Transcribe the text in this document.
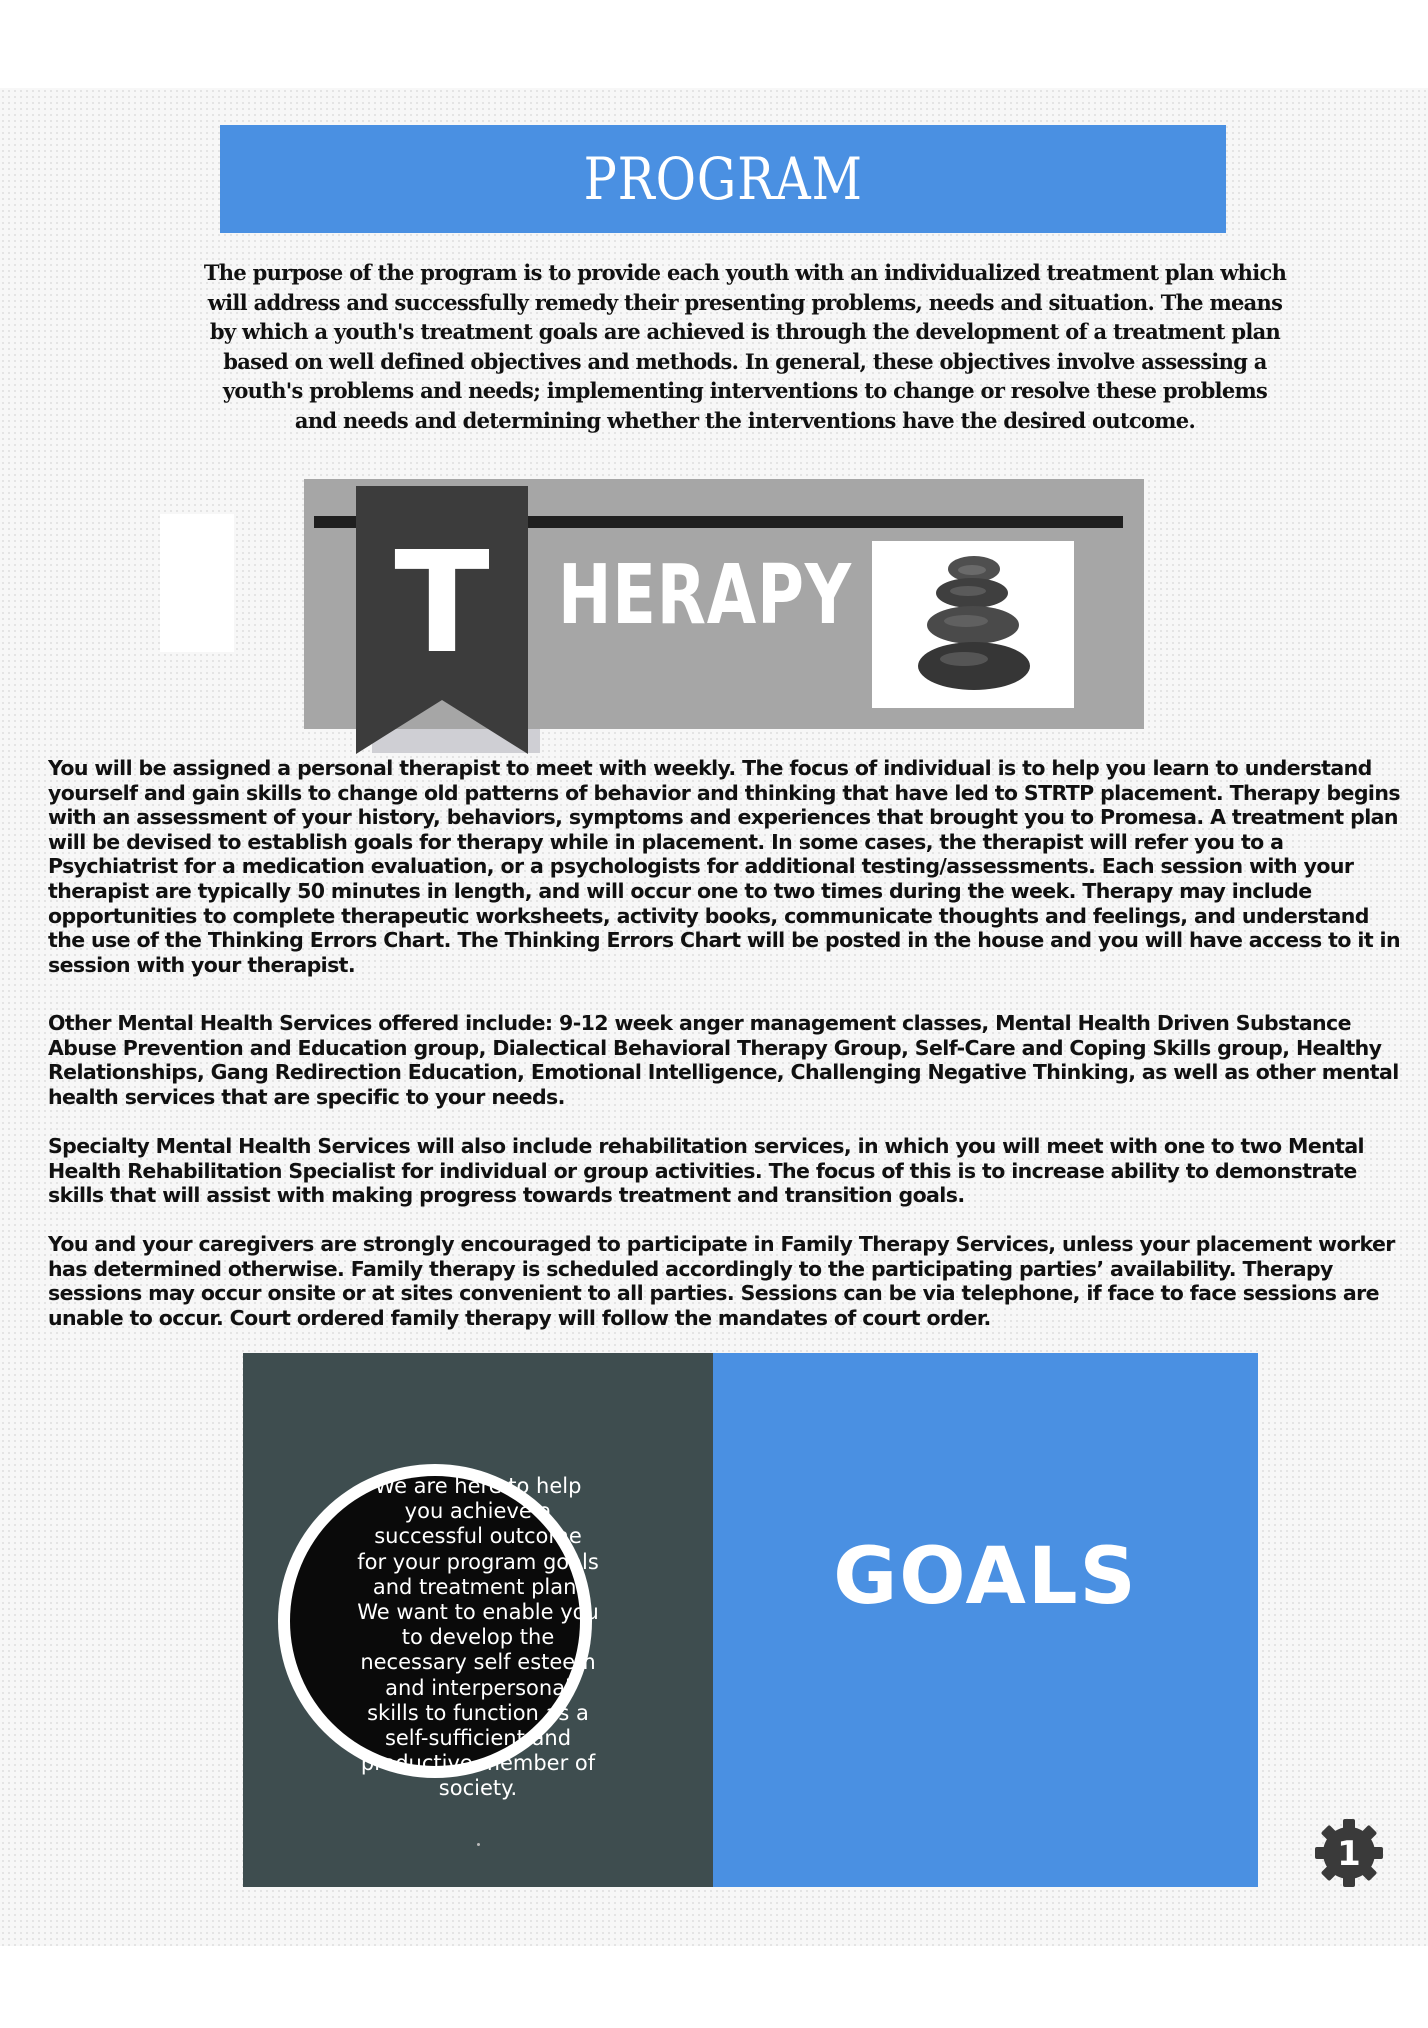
PROGRAM
The purpose of the program is to provide each youth with an individualized treatment plan which will address and successfully remedy their presenting problems, needs and situation. The means by which a youth's treatment goals are achieved is through the development of a treatment plan based on well defined objectives and methods. In general, these objectives involve assessing a youth's problems and needs; implementing interventions to change or resolve these problems and needs and determining whether the interventions have the desired outcome.
T HERAPY
You will be assigned a personal therapist to meet with weekly. The focus of individual is to help you learn to understand yourself and gain skills to change old patterns of behavior and thinking that have led to STRTP placement. Therapy begins with an assessment of your history, behaviors, symptoms and experiences that brought you to Promesa. A treatment plan will be devised to establish goals for therapy while in placement. In some cases, the therapist will refer you to a Psychiatrist for a medication evaluation, or a psychologists for additional testing/assessments. Each session with your therapist are typically 50 minutes in length, and will occur one to two times during the week. Therapy may include opportunities to complete therapeutic worksheets, activity books, communicate thoughts and feelings, and understand the use of the Thinking Errors Chart. The Thinking Errors Chart will be posted in the house and you will have access to it in session with your therapist.
Other Mental Health Services offered include: 9-12 week anger management classes, Mental Health Driven Substance Abuse Prevention and Education group, Dialectical Behavioral Therapy Group, Self-Care and Coping Skills group, Healthy Relationships, Gang Redirection Education, Emotional Intelligence, Challenging Negative Thinking, as well as other mental health services that are specific to your needs.
Specialty Mental Health Services will also include rehabilitation services, in which you will meet with one to two Mental Health Rehabilitation Specialist for individual or group activities. The focus of this is to increase ability to demonstrate skills that will assist with making progress towards treatment and transition goals.
You and your caregivers are strongly encouraged to participate in Family Therapy Services, unless your placement worker has determined otherwise. Family therapy is scheduled accordingly to the participating parties’ availability. Therapy sessions may occur onsite or at sites convenient to all parties. Sessions can be via telephone, if face to face sessions are unable to occur. Court ordered family therapy will follow the mandates of court order.
GOALS
We are here to help
you achieve a
successful outcome
for your program goals
and treatment plan.
We want to enable you
to develop the
necessary self esteem
and interpersonal
skills to function as a
self-sufficient and
productive member of
society.
1
